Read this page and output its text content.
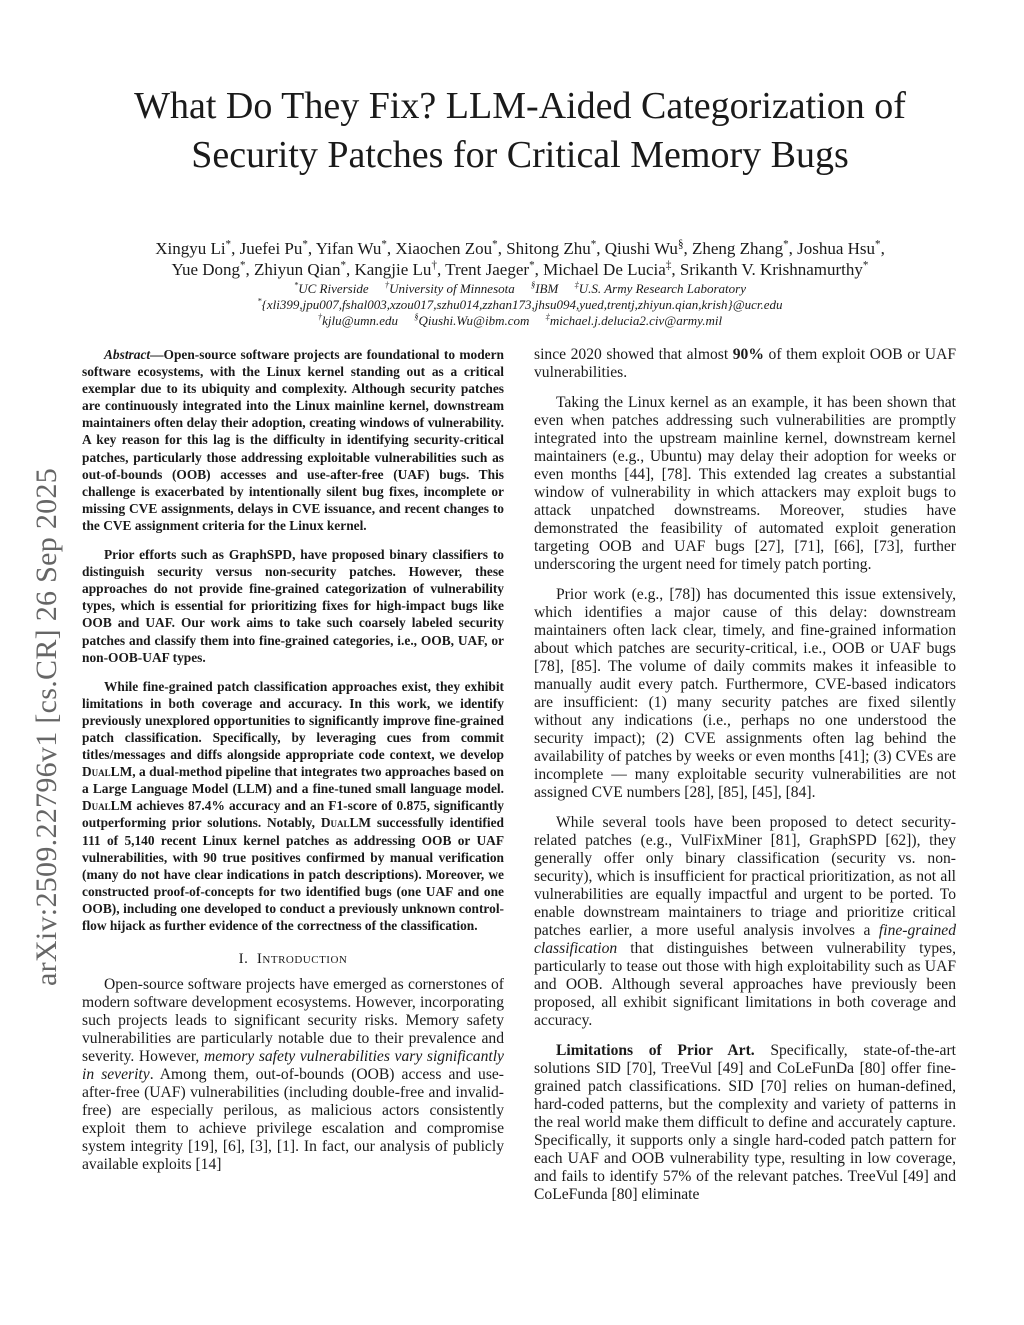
arXiv:2509.22796v1 [cs.CR] 26 Sep 2025
What Do They Fix? LLM-Aided Categorization of
Security Patches for Critical Memory Bugs
Xingyu Li*, Juefei Pu*, Yifan Wu*, Xiaochen Zou*, Shitong Zhu*, Qiushi Wu§, Zheng Zhang*, Joshua Hsu*,
Yue Dong*, Zhiyun Qian*, Kangjie Lu†, Trent Jaeger*, Michael De Lucia‡, Srikanth V. Krishnamurthy*
*UC Riverside †University of Minnesota §IBM ‡U.S. Army Research Laboratory
*{xli399,jpu007,fshal003,xzou017,szhu014,zzhan173,jhsu094,yued,trentj,zhiyun.qian,krish}@ucr.edu
†kjlu@umn.edu §Qiushi.Wu@ibm.com ‡michael.j.delucia2.civ@army.mil

Abstract—Open-source software projects are foundational to modern software ecosystems, with the Linux kernel standing out as a critical exemplar due to its ubiquity and complexity. Although security patches are continuously integrated into the Linux mainline kernel, downstream maintainers often delay their adoption, creating windows of vulnerability. A key reason for this lag is the difficulty in identifying security-critical patches, particularly those addressing exploitable vulnerabilities such as out-of-bounds (OOB) accesses and use-after-free (UAF) bugs. This challenge is exacerbated by intentionally silent bug fixes, incomplete or missing CVE assignments, delays in CVE issuance, and recent changes to the CVE assignment criteria for the Linux kernel.

Prior efforts such as GraphSPD, have proposed binary classifiers to distinguish security versus non-security patches. However, these approaches do not provide fine-grained categorization of vulnerability types, which is essential for prioritizing fixes for high-impact bugs like OOB and UAF. Our work aims to take such coarsely labeled security patches and classify them into fine-grained categories, i.e., OOB, UAF, or non-OOB-UAF types.

While fine-grained patch classification approaches exist, they exhibit limitations in both coverage and accuracy. In this work, we identify previously unexplored opportunities to significantly improve fine-grained patch classification. Specifically, by leveraging cues from commit titles/messages and diffs alongside appropriate code context, we develop DualLM, a dual-method pipeline that integrates two approaches based on a Large Language Model (LLM) and a fine-tuned small language model. DualLM achieves 87.4% accuracy and an F1-score of 0.875, significantly outperforming prior solutions. Notably, DualLM successfully identified 111 of 5,140 recent Linux kernel patches as addressing OOB or UAF vulnerabilities, with 90 true positives confirmed by manual verification (many do not have clear indications in patch descriptions). Moreover, we constructed proof-of-concepts for two identified bugs (one UAF and one OOB), including one developed to conduct a previously unknown control-flow hijack as further evidence of the correctness of the classification.

I. Introduction

Open-source software projects have emerged as cornerstones of modern software development ecosystems. However, incorporating such projects leads to significant security risks. Memory safety vulnerabilities are particularly notable due to their prevalence and severity. However, memory safety vulnerabilities vary significantly in severity. Among them, out-of-bounds (OOB) access and use-after-free (UAF) vulnerabilities (including double-free and invalid-free) are especially perilous, as malicious actors consistently exploit them to achieve privilege escalation and compromise system integrity [19], [6], [3], [1]. In fact, our analysis of publicly available exploits [14]

since 2020 showed that almost 90% of them exploit OOB or UAF vulnerabilities.

Taking the Linux kernel as an example, it has been shown that even when patches addressing such vulnerabilities are promptly integrated into the upstream mainline kernel, downstream kernel maintainers (e.g., Ubuntu) may delay their adoption for weeks or even months [44], [78]. This extended lag creates a substantial window of vulnerability in which attackers may exploit bugs to attack unpatched downstreams. Moreover, studies have demonstrated the feasibility of automated exploit generation targeting OOB and UAF bugs [27], [71], [66], [73], further underscoring the urgent need for timely patch porting.

Prior work (e.g., [78]) has documented this issue extensively, which identifies a major cause of this delay: downstream maintainers often lack clear, timely, and fine-grained information about which patches are security-critical, i.e., OOB or UAF bugs [78], [85]. The volume of daily commits makes it infeasible to manually audit every patch. Furthermore, CVE-based indicators are insufficient: (1) many security patches are fixed silently without any indications (i.e., perhaps no one understood the security impact); (2) CVE assignments often lag behind the availability of patches by weeks or even months [41]; (3) CVEs are incomplete — many exploitable security vulnerabilities are not assigned CVE numbers [28], [85], [45], [84].

While several tools have been proposed to detect security-related patches (e.g., VulFixMiner [81], GraphSPD [62]), they generally offer only binary classification (security vs. non-security), which is insufficient for practical prioritization, as not all vulnerabilities are equally impactful and urgent to be ported. To enable downstream maintainers to triage and prioritize critical patches earlier, a more useful analysis involves a fine-grained classification that distinguishes between vulnerability types, particularly to tease out those with high exploitability such as UAF and OOB. Although several approaches have previously been proposed, all exhibit significant limitations in both coverage and accuracy.

Limitations of Prior Art. Specifically, state-of-the-art solutions SID [70], TreeVul [49] and CoLeFunDa [80] offer fine-grained patch classifications. SID [70] relies on human-defined, hard-coded patterns, but the complexity and variety of patterns in the real world make them difficult to define and accurately capture. Specifically, it supports only a single hard-coded patch pattern for each UAF and OOB vulnerability type, resulting in low coverage, and fails to identify 57% of the relevant patches. TreeVul [49] and CoLeFunda [80] eliminate
